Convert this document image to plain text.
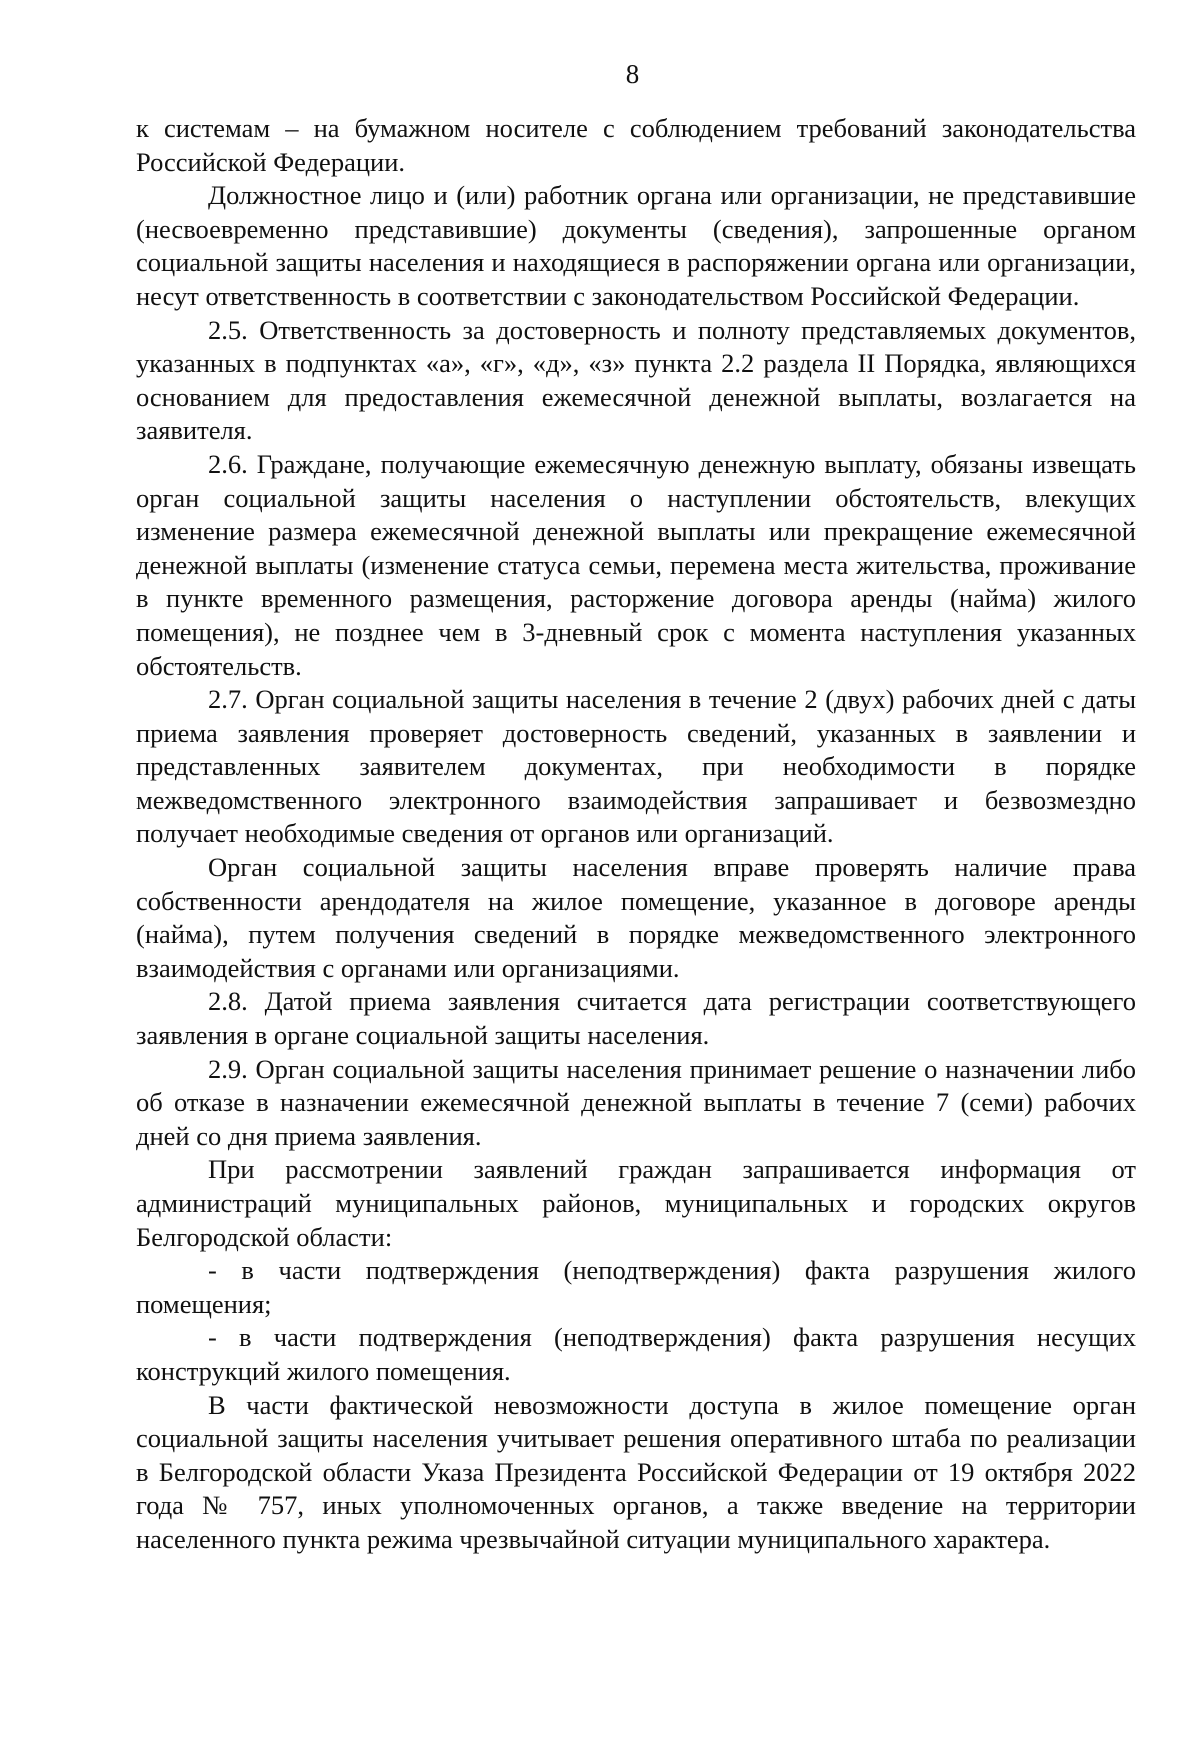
8

к системам – на бумажном носителе с соблюдением требований законодательства Российской Федерации.

Должностное лицо и (или) работник органа или организации, не представившие (несвоевременно представившие) документы (сведения), запрошенные органом социальной защиты населения и находящиеся в распоряжении органа или организации, несут ответственность в соответствии с законодательством Российской Федерации.

2.5. Ответственность за достоверность и полноту представляемых документов, указанных в подпунктах «а», «г», «д», «з» пункта 2.2 раздела II Порядка, являющихся основанием для предоставления ежемесячной денежной выплаты, возлагается на заявителя.

2.6. Граждане, получающие ежемесячную денежную выплату, обязаны извещать орган социальной защиты населения о наступлении обстоятельств, влекущих изменение размера ежемесячной денежной выплаты или прекращение ежемесячной денежной выплаты (изменение статуса семьи, перемена места жительства, проживание в пункте временного размещения, расторжение договора аренды (найма) жилого помещения), не позднее чем в 3-дневный срок с момента наступления указанных обстоятельств.

2.7. Орган социальной защиты населения в течение 2 (двух) рабочих дней с даты приема заявления проверяет достоверность сведений, указанных в заявлении и представленных заявителем документах, при необходимости в порядке межведомственного электронного взаимодействия запрашивает и безвозмездно получает необходимые сведения от органов или организаций.

Орган социальной защиты населения вправе проверять наличие права собственности арендодателя на жилое помещение, указанное в договоре аренды (найма), путем получения сведений в порядке межведомственного электронного взаимодействия с органами или организациями.

2.8. Датой приема заявления считается дата регистрации соответствующего заявления в органе социальной защиты населения.

2.9. Орган социальной защиты населения принимает решение о назначении либо об отказе в назначении ежемесячной денежной выплаты в течение 7 (семи) рабочих дней со дня приема заявления.

При рассмотрении заявлений граждан запрашивается информация от администраций муниципальных районов, муниципальных и городских округов Белгородской области:

- в части подтверждения (неподтверждения) факта разрушения жилого помещения;

- в части подтверждения (неподтверждения) факта разрушения несущих конструкций жилого помещения.

В части фактической невозможности доступа в жилое помещение орган социальной защиты населения учитывает решения оперативного штаба по реализации в Белгородской области Указа Президента Российской Федерации от 19 октября 2022 года № 757, иных уполномоченных органов, а также введение на территории населенного пункта режима чрезвычайной ситуации муниципального характера.
